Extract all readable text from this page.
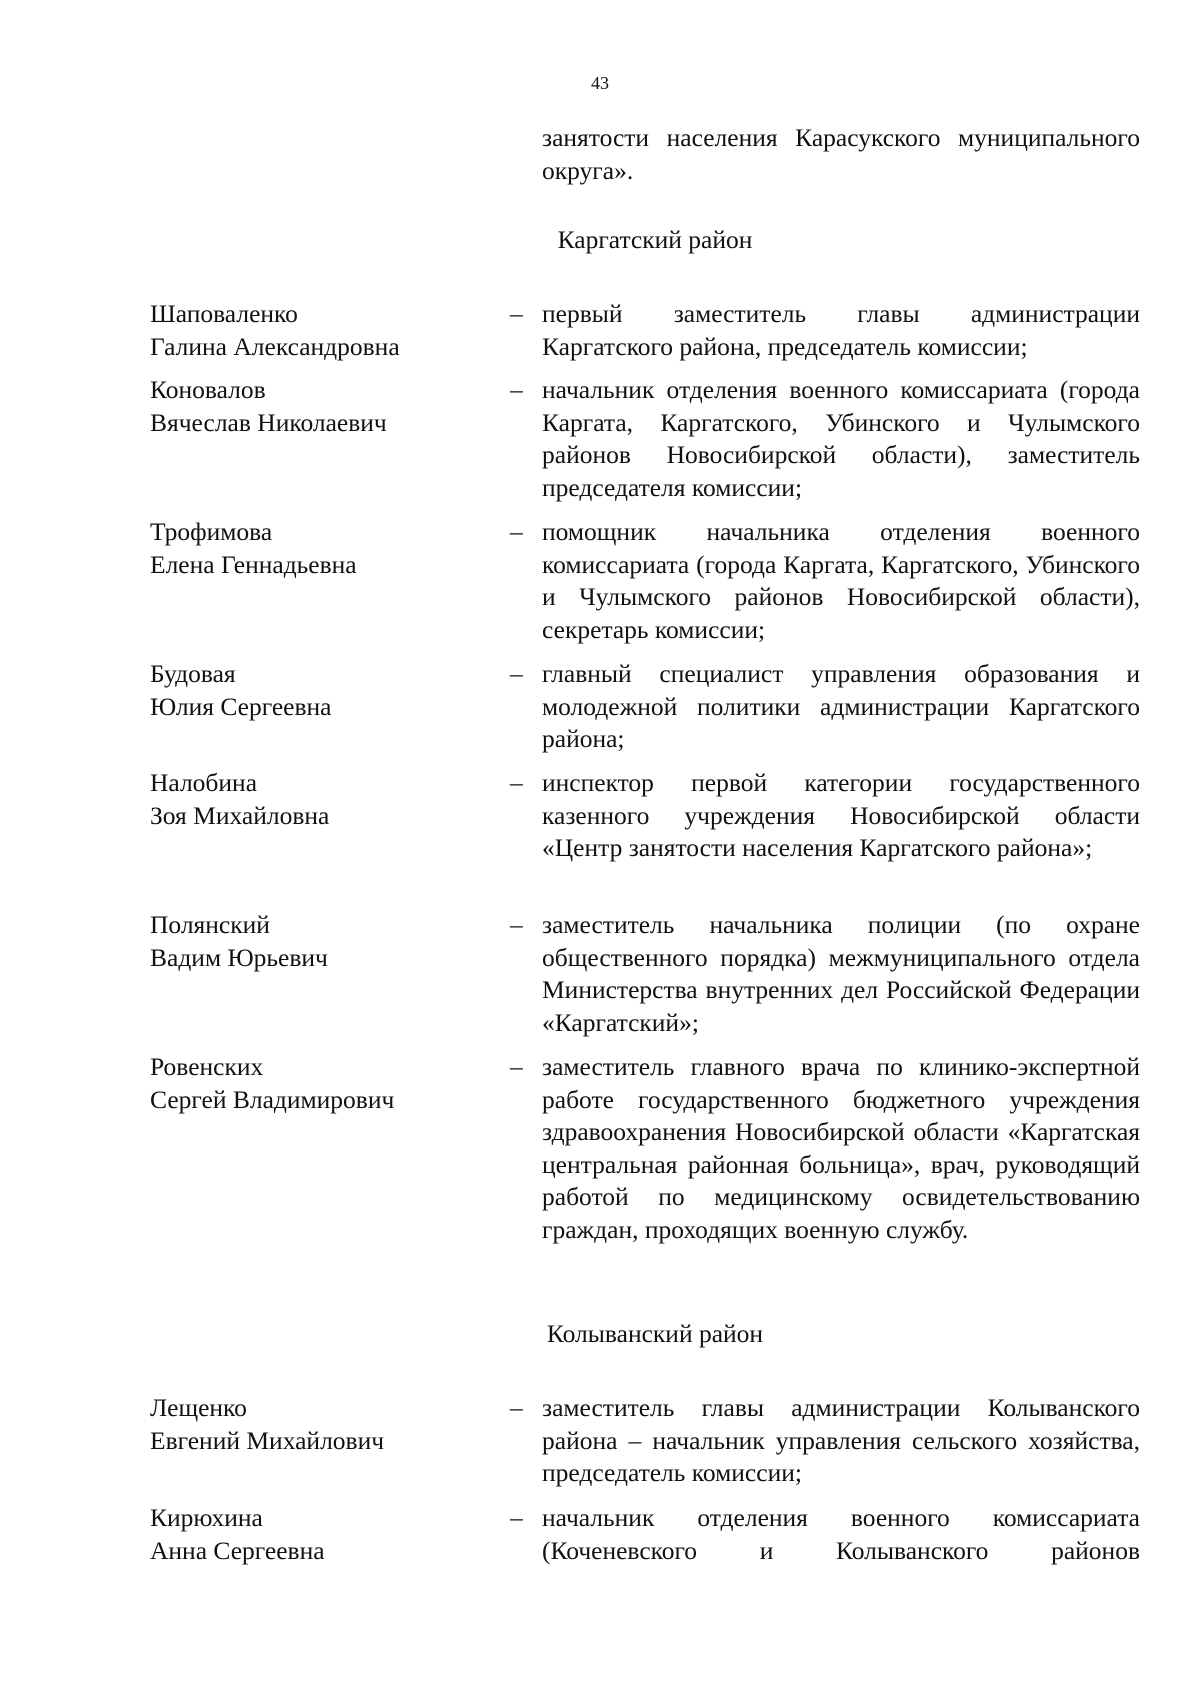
43
занятости населения Карасукского муниципального округа».
Каргатский район
Шаповаленко
Галина Александровна
– первый заместитель главы администрации Каргатского района, председатель комиссии;
Коновалов
Вячеслав Николаевич
– начальник отделения военного комиссариата (города Каргата, Каргатского, Убинского и Чулымского районов Новосибирской области), заместитель председателя комиссии;
Трофимова
Елена Геннадьевна
– помощник начальника отделения военного комиссариата (города Каргата, Каргатского, Убинского и Чулымского районов Новосибирской области), секретарь комиссии;
Будовая
Юлия Сергеевна
– главный специалист управления образования и молодежной политики администрации Каргатского района;
Налобина
Зоя Михайловна
– инспектор первой категории государственного казенного учреждения Новосибирской области «Центр занятости населения Каргатского района»;
Полянский
Вадим Юрьевич
– заместитель начальника полиции (по охране общественного порядка) межмуниципального отдела Министерства внутренних дел Российской Федерации «Каргатский»;
Ровенских
Сергей Владимирович
– заместитель главного врача по клинико-экспертной работе государственного бюджетного учреждения здравоохранения Новосибирской области «Каргатская центральная районная больница», врач, руководящий работой по медицинскому освидетельствованию граждан, проходящих военную службу.
Колыванский район
Лещенко
Евгений Михайлович
– заместитель главы администрации Колыванского района – начальник управления сельского хозяйства, председатель комиссии;
Кирюхина
Анна Сергеевна
– начальник отделения военного комиссариата (Коченевского и Колыванского районов
